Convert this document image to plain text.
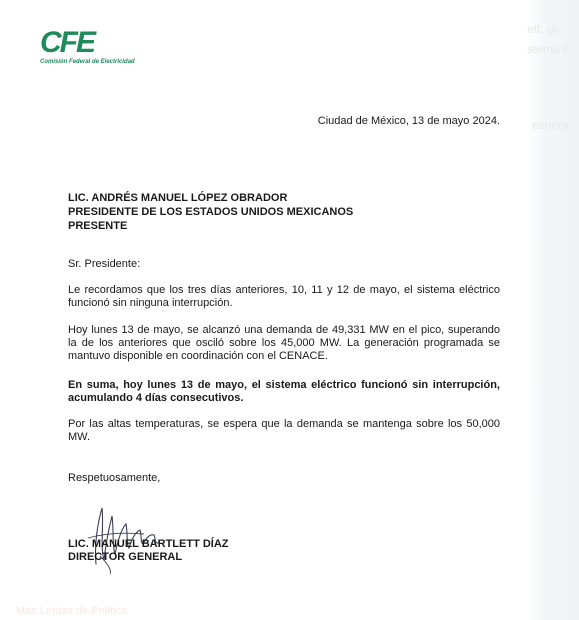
ett, dir
stema e
espera
Más Leídas de Política
CFE
Comisión Federal de Electricidad
Ciudad de México, 13 de mayo 2024.
LIC. ANDRÉS MANUEL LÓPEZ OBRADOR
PRESIDENTE DE LOS ESTADOS UNIDOS MEXICANOS
PRESENTE
Sr. Presidente:
Le recordamos que los tres días anteriores, 10, 11 y 12 de mayo, el sistema eléctrico funcionó sin ninguna interrupción.
Hoy lunes 13 de mayo, se alcanzó una demanda de 49,331 MW en el pico, superando la de los anteriores que osciló sobre los 45,000 MW. La generación programada se mantuvo disponible en coordinación con el CENACE.
En suma, hoy lunes 13 de mayo, el sistema eléctrico funcionó sin interrupción, acumulando 4 días consecutivos.
Por las altas temperaturas, se espera que la demanda se mantenga sobre los 50,000 MW.
Respetuosamente,
LIC. MANUEL BARTLETT DÍAZ
DIRECTOR GENERAL
